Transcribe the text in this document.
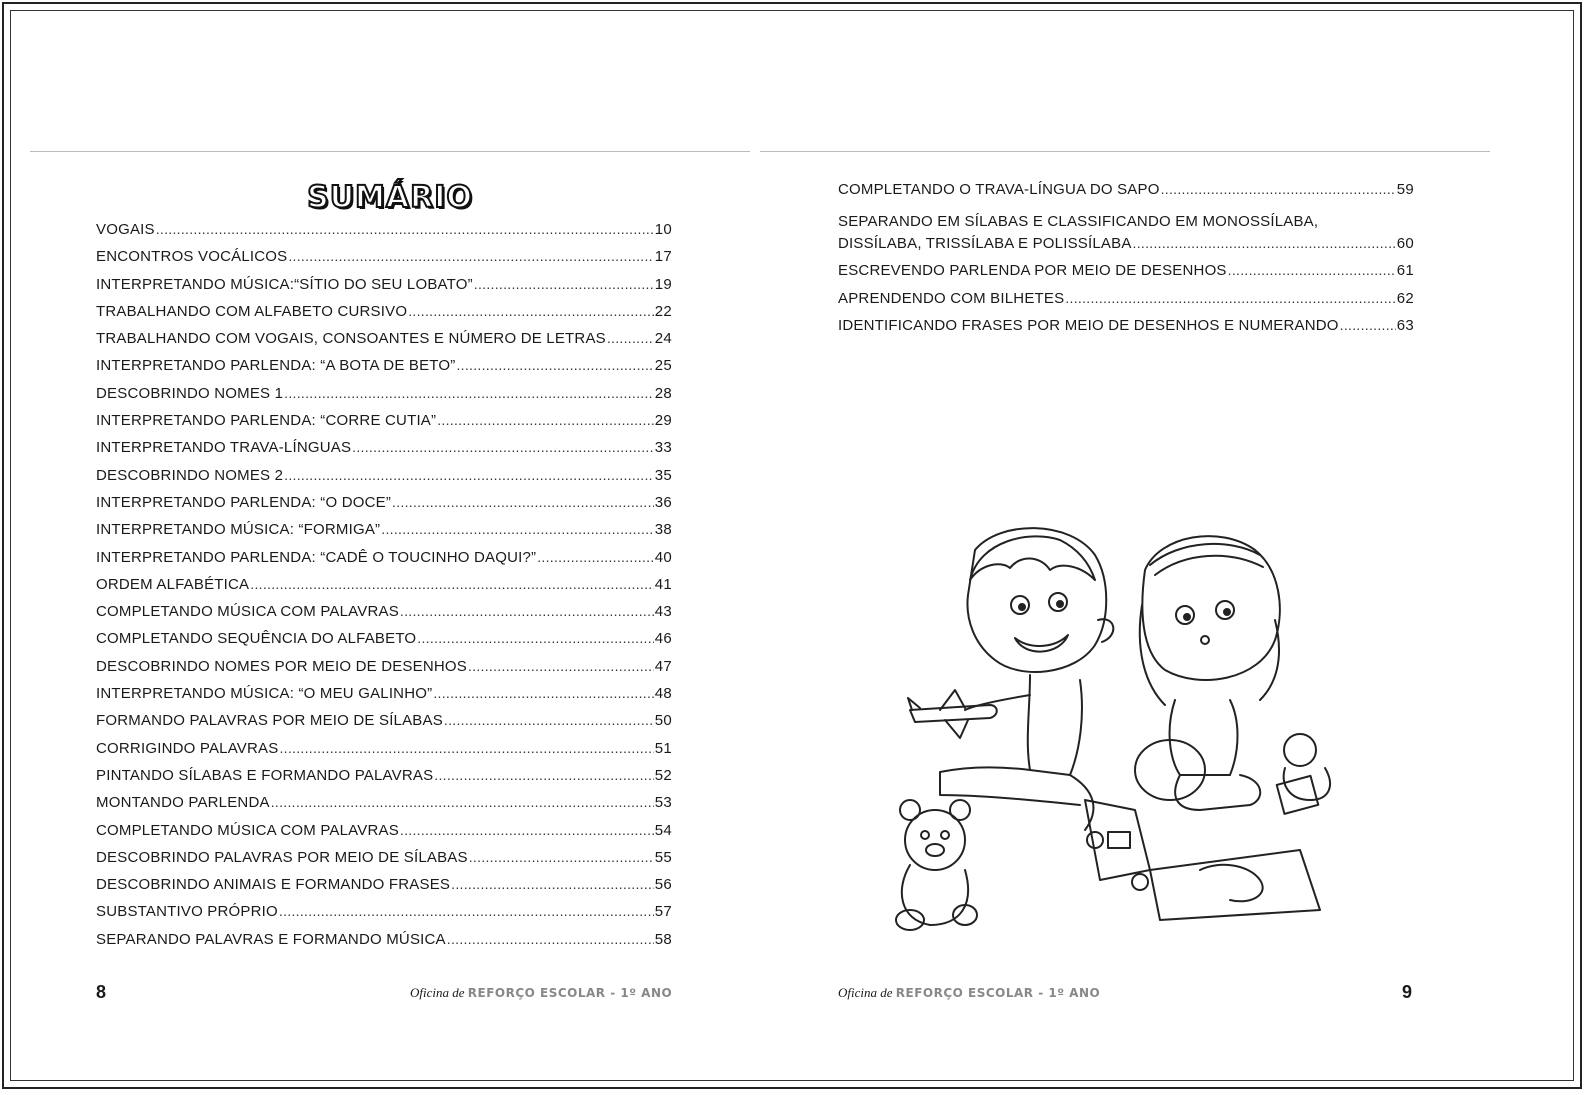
SUMÁRIO
VOGAIS .....	10
ENCONTROS VOCÁLICOS .....	17
INTERPRETANDO MÚSICA:“SÍTIO DO SEU LOBATO” .....	19
TRABALHANDO COM ALFABETO CURSIVO .....	22
TRABALHANDO COM VOGAIS, CONSOANTES E NÚMERO DE LETRAS .....	24
INTERPRETANDO PARLENDA: “A BOTA DE BETO” .....	25
DESCOBRINDO NOMES 1 .....	28
INTERPRETANDO PARLENDA: “CORRE CUTIA” .....	29
INTERPRETANDO TRAVA-LÍNGUAS .....	33
DESCOBRINDO NOMES 2 .....	35
INTERPRETANDO PARLENDA: “O DOCE” .....	36
INTERPRETANDO MÚSICA: “FORMIGA” .....	38
INTERPRETANDO PARLENDA: “CADÊ O TOUCINHO DAQUI?” .....	40
ORDEM ALFABÉTICA .....	41
COMPLETANDO MÚSICA COM PALAVRAS .....	43
COMPLETANDO SEQUÊNCIA DO ALFABETO .....	46
DESCOBRINDO NOMES POR MEIO DE DESENHOS .....	47
INTERPRETANDO MÚSICA: “O MEU GALINHO” .....	48
FORMANDO PALAVRAS POR MEIO DE SÍLABAS .....	50
CORRIGINDO PALAVRAS .....	51
PINTANDO SÍLABAS E FORMANDO PALAVRAS .....	52
MONTANDO PARLENDA .....	53
COMPLETANDO MÚSICA COM PALAVRAS .....	54
DESCOBRINDO PALAVRAS POR MEIO DE SÍLABAS .....	55
DESCOBRINDO ANIMAIS E FORMANDO FRASES .....	56
SUBSTANTIVO PRÓPRIO .....	57
SEPARANDO PALAVRAS E FORMANDO MÚSICA .....	58
COMPLETANDO O TRAVA-LÍNGUA DO SAPO .....	59
SEPARANDO EM SÍLABAS E CLASSIFICANDO EM MONOSSÍLABA,
DISSÍLABA, TRISSÍLABA E POLISSÍLABA .....	60
ESCREVENDO PARLENDA POR MEIO DE DESENHOS .....	61
APRENDENDO COM BILHETES .....	62
IDENTIFICANDO FRASES POR MEIO DE DESENHOS E NUMERANDO .....	63
8	9
Oficina de REFORÇO ESCOLAR - 1º ANO	Oficina de REFORÇO ESCOLAR - 1º ANO
